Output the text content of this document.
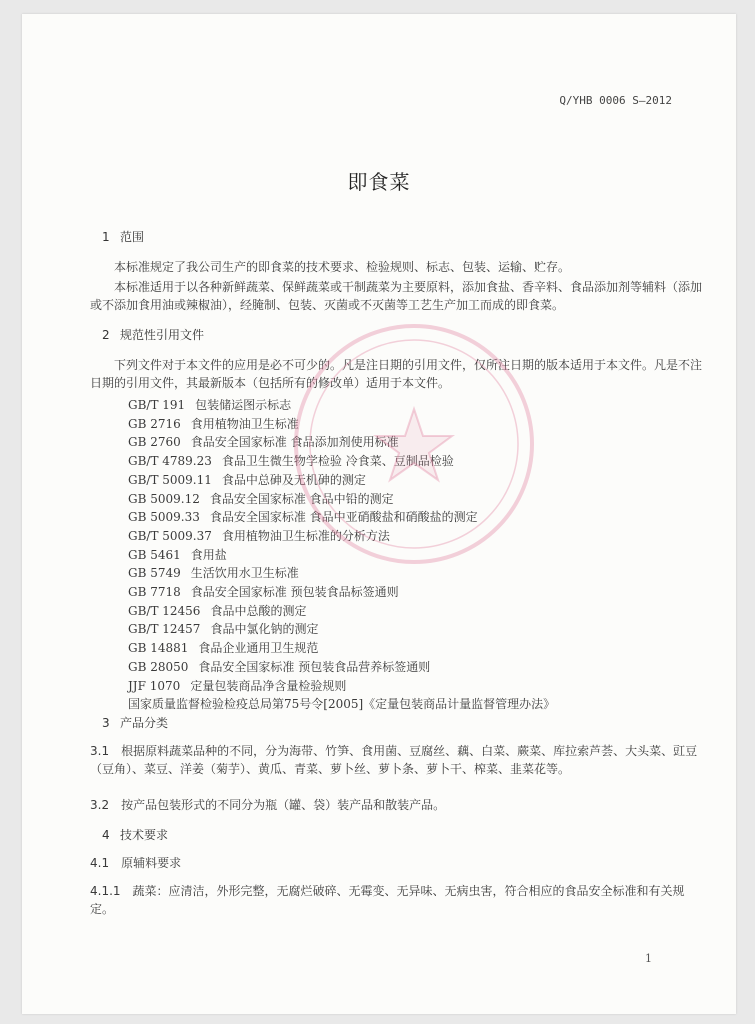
Q/YHB 0006 S—2012
即食菜
1 范围
本标准规定了我公司生产的即食菜的技术要求、检验规则、标志、包装、运输、贮存。
本标准适用于以各种新鲜蔬菜、保鲜蔬菜或干制蔬菜为主要原料，添加食盐、香辛料、食品添加剂等辅料（添加或不添加食用油或辣椒油），经腌制、包装、灭菌或不灭菌等工艺生产加工而成的即食菜。
2 规范性引用文件
下列文件对于本文件的应用是必不可少的。凡是注日期的引用文件，仅所注日期的版本适用于本文件。凡是不注日期的引用文件，其最新版本（包括所有的修改单）适用于本文件。
GB/T 191 包装储运图示标志
GB 2716 食用植物油卫生标准
GB 2760 食品安全国家标准 食品添加剂使用标准
GB/T 4789.23 食品卫生微生物学检验 冷食菜、豆制品检验
GB/T 5009.11 食品中总砷及无机砷的测定
GB 5009.12 食品安全国家标准 食品中铅的测定
GB 5009.33 食品安全国家标准 食品中亚硝酸盐和硝酸盐的测定
GB/T 5009.37 食用植物油卫生标准的分析方法
GB 5461 食用盐
GB 5749 生活饮用水卫生标准
GB 7718 食品安全国家标准 预包装食品标签通则
GB/T 12456 食品中总酸的测定
GB/T 12457 食品中氯化钠的测定
GB 14881 食品企业通用卫生规范
GB 28050 食品安全国家标准 预包装食品营养标签通则
JJF 1070 定量包装商品净含量检验规则
国家质量监督检验检疫总局第75号令[2005]《定量包装商品计量监督管理办法》
3 产品分类
3.1　根据原料蔬菜品种的不同，分为海带、竹笋、食用菌、豆腐丝、藕、白菜、蕨菜、库拉索芦荟、大头菜、豇豆（豆角）、菜豆、洋姜（菊芋）、黄瓜、青菜、萝卜丝、萝卜条、萝卜干、榨菜、韭菜花等。
3.2　按产品包装形式的不同分为瓶（罐、袋）装产品和散装产品。
4 技术要求
4.1　原辅料要求
4.1.1　蔬菜：应清洁，外形完整，无腐烂破碎、无霉变、无异味、无病虫害，符合相应的食品安全标准和有关规定。
1
